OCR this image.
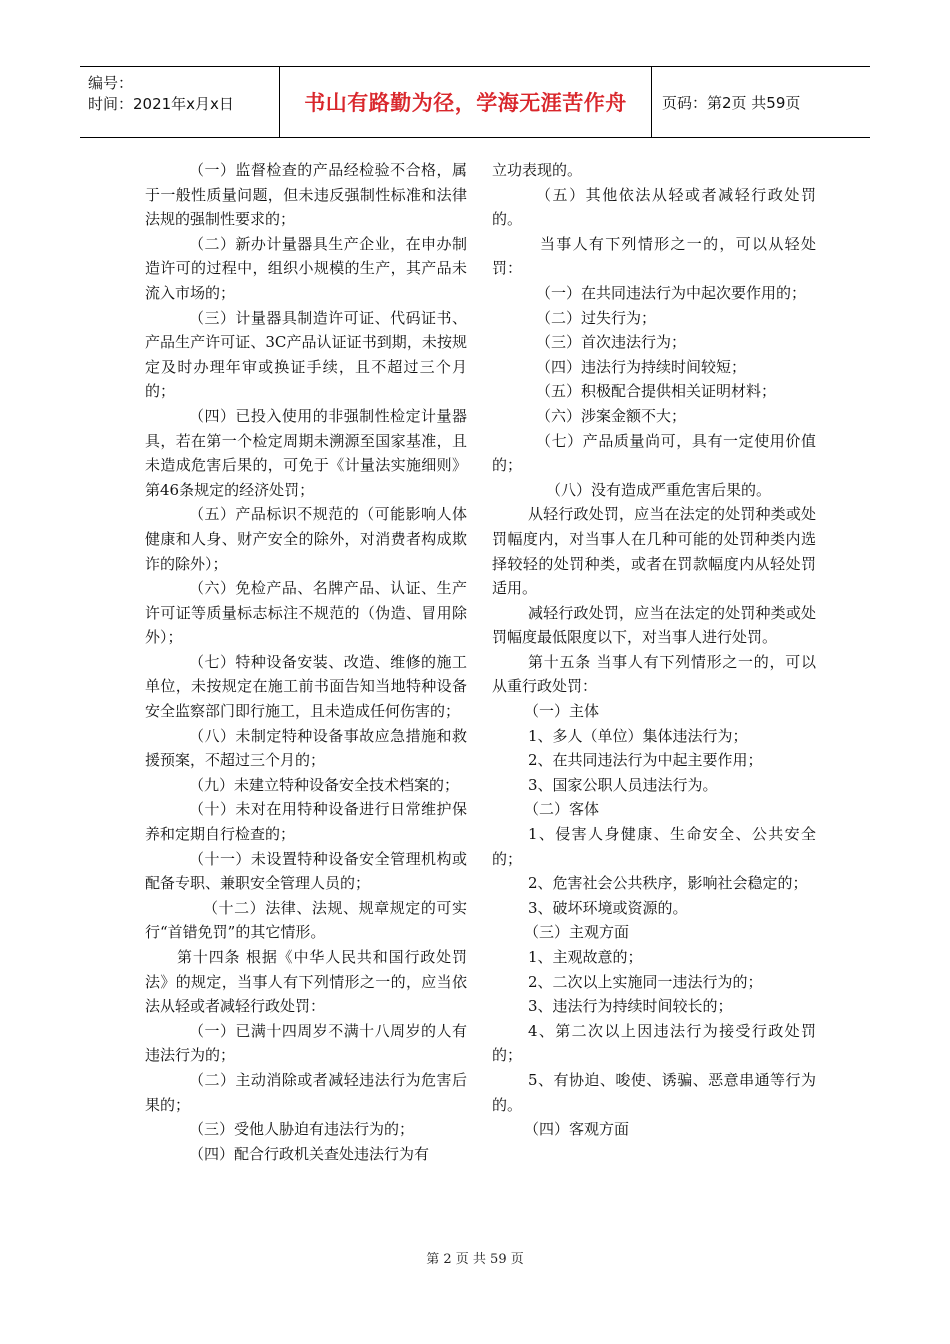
编号：
时间：2021年x月x日	书山有路勤为径，学海无涯苦作舟 页码：第2页 共59页

（一）监督检查的产品经检验不合格，属于一般性质量问题，但未违反强制性标准和法律法规的强制性要求的；

（二）新办计量器具生产企业，在申办制造许可的过程中，组织小规模的生产，其产品未流入市场的；

（三）计量器具制造许可证、代码证书、产品生产许可证、3C产品认证证书到期，未按规定及时办理年审或换证手续，且不超过三个月的；

（四）已投入使用的非强制性检定计量器具，若在第一个检定周期未溯源至国家基准，且未造成危害后果的，可免于《计量法实施细则》第46条规定的经济处罚；

（五）产品标识不规范的（可能影响人体健康和人身、财产安全的除外，对消费者构成欺诈的除外）；

（六）免检产品、名牌产品、认证、生产许可证等质量标志标注不规范的（伪造、冒用除外）；

（七）特种设备安装、改造、维修的施工单位，未按规定在施工前书面告知当地特种设备安全监察部门即行施工，且未造成任何伤害的；

（八）未制定特种设备事故应急措施和救援预案，不超过三个月的；

（九）未建立特种设备安全技术档案的；

（十）未对在用特种设备进行日常维护保养和定期自行检查的；

（十一）未设置特种设备安全管理机构或配备专职、兼职安全管理人员的；

（十二）法律、法规、规章规定的可实行“首错免罚”的其它情形。

第十四条 根据《中华人民共和国行政处罚法》的规定，当事人有下列情形之一的，应当依法从轻或者减轻行政处罚：

（一）已满十四周岁不满十八周岁的人有违法行为的；

（二）主动消除或者减轻违法行为危害后果的；

（三）受他人胁迫有违法行为的；

（四）配合行政机关查处违法行为有

立功表现的。

（五）其他依法从轻或者减轻行政处罚的。

当事人有下列情形之一的，可以从轻处罚：

（一）在共同违法行为中起次要作用的；

（二）过失行为；

（三）首次违法行为；

（四）违法行为持续时间较短；

（五）积极配合提供相关证明材料；

（六）涉案金额不大；

（七）产品质量尚可，具有一定使用价值的；

（八）没有造成严重危害后果的。

从轻行政处罚，应当在法定的处罚种类或处罚幅度内，对当事人在几种可能的处罚种类内选择较轻的处罚种类，或者在罚款幅度内从轻处罚适用。

减轻行政处罚，应当在法定的处罚种类或处罚幅度最低限度以下，对当事人进行处罚。

第十五条 当事人有下列情形之一的，可以从重行政处罚：

（一）主体

1、多人（单位）集体违法行为；

2、在共同违法行为中起主要作用；

3、国家公职人员违法行为。

（二）客体

1、侵害人身健康、生命安全、公共安全的；

2、危害社会公共秩序，影响社会稳定的；

3、破坏环境或资源的。

（三）主观方面

1、主观故意的；

2、二次以上实施同一违法行为的；

3、违法行为持续时间较长的；

4、第二次以上因违法行为接受行政处罚的；

5、有协迫、唆使、诱骗、恶意串通等行为的。

（四）客观方面

第 2 页 共 59 页
